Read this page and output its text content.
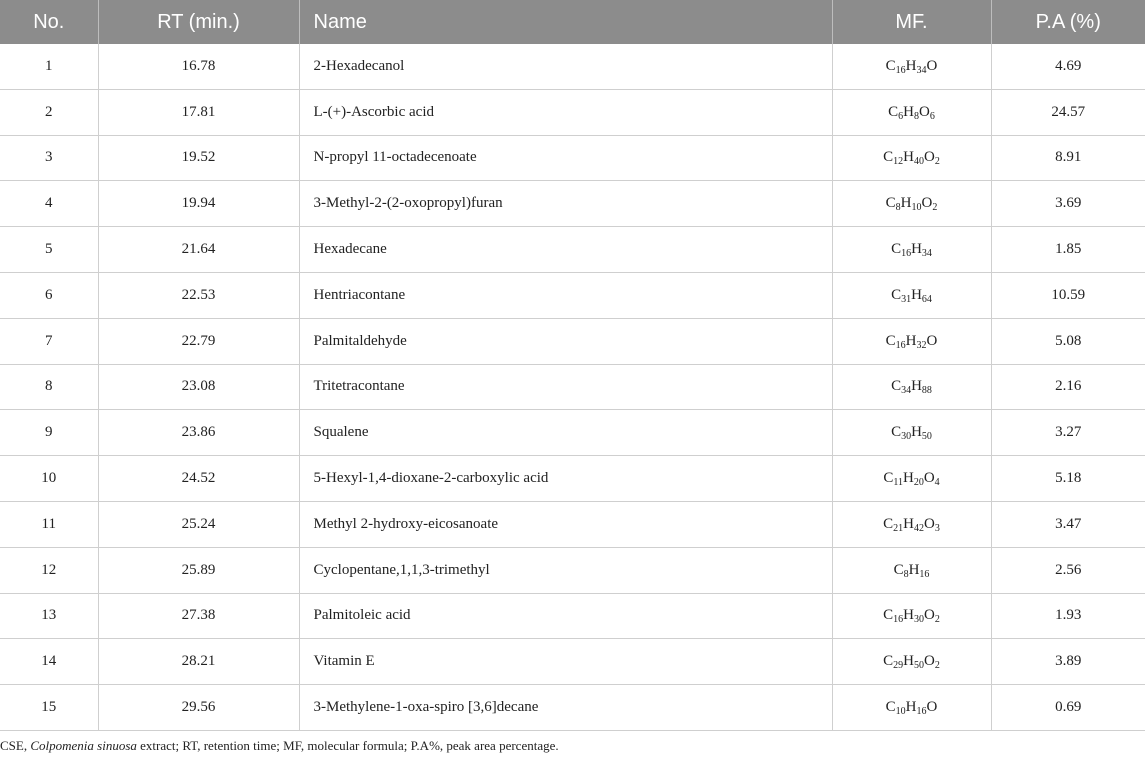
No.	RT (min.)	Name	MF.	P.A (%)
1	16.78	2-Hexadecanol	$C_{16}H_{34}O$	4.69
2	17.81	L-(+)-Ascorbic acid	$C_6H_8O_6$	24.57
3	19.52	N-propyl 11-octadecenoate	$C_{12}H_{40}O_2$	8.91
4	19.94	3-Methyl-2-(2-oxopropyl)furan	$C_8H_{10}O_2$	3.69
5	21.64	Hexadecane	$C_{16}H_{34}$	1.85
6	22.53	Hentriacontane	$C_{31}H_{64}$	10.59
7	22.79	Palmitaldehyde	$C_{16}H_{32}O$	5.08
8	23.08	Tritetracontane	$C_{34}H_{88}$	2.16
9	23.86	Squalene	$C_{30}H_{50}$	3.27
10	24.52	5-Hexyl-1,4-dioxane-2-carboxylic acid	$C_{11}H_{20}O_4$	5.18
11	25.24	Methyl 2-hydroxy-eicosanoate	$C_{21}H_{42}O_3$	3.47
12	25.89	Cyclopentane,1,1,3-trimethyl	$C_8H_{16}$	2.56
13	27.38	Palmitoleic acid	$C_{16}H_{30}O_2$	1.93
14	28.21	Vitamin E	$C_{29}H_{50}O_2$	3.89
15	29.56	3-Methylene-1-oxa-spiro [3,6]decane	$C_{10}H_{16}O$	0.69
CSE, Colpomenia sinuosa extract; RT, retention time; MF, molecular formula; P.A%, peak area percentage.
